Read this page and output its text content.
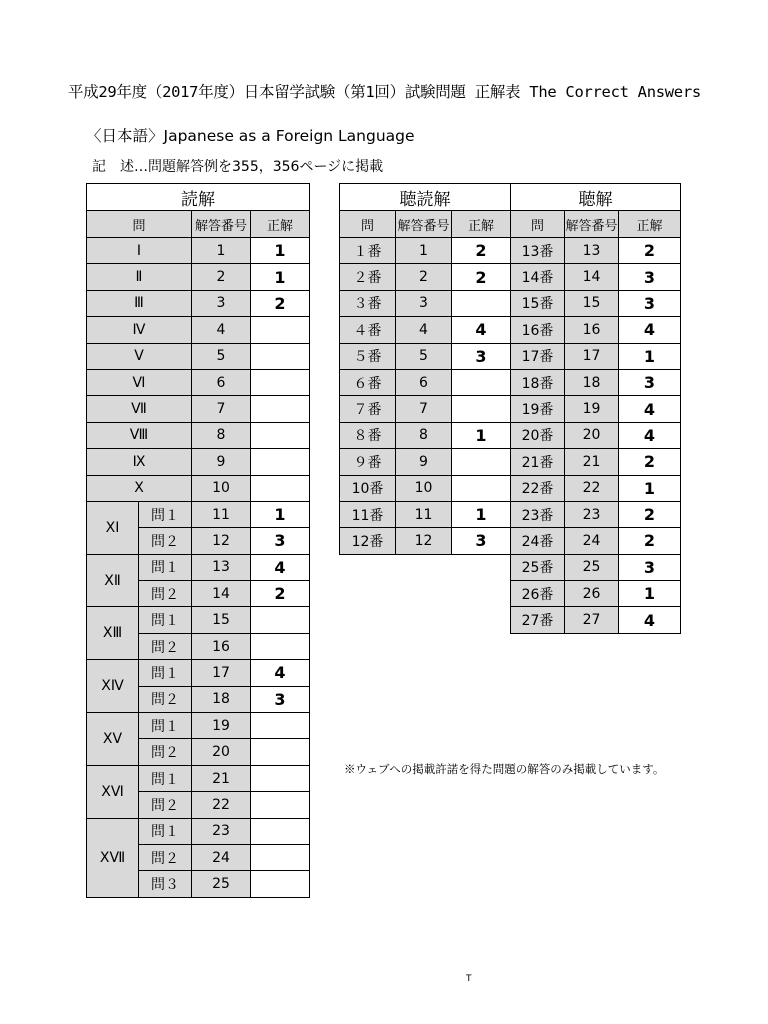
平成29年度（2017年度）日本留学試験（第1回）試験問題 正解表 The Correct Answers
〈日本語〉Japanese as a Foreign Language
記　述…問題解答例を355，356ページに掲載
読解			
問		解答番号	正解
Ⅰ		1	1
Ⅱ		2	1
Ⅲ		3	2
Ⅳ		4	
Ⅴ		5	
Ⅵ		6	
Ⅶ		7	
Ⅷ		8	
Ⅸ		9	
Ⅹ		10	
ⅩⅠ	問１	11	1
	問２	12	3
ⅩⅡ	問１	13	4
	問２	14	2
ⅩⅢ	問１	15	
	問２	16	
ⅩⅣ	問１	17	4
	問２	18	3
ⅩⅤ	問１	19	
	問２	20	
ⅩⅥ	問１	21	
	問２	22	
ⅩⅦ	問１	23	
	問２	24	
	問３	25	
聴読解			聴解		
問	解答番号	正解	問	解答番号	正解
１番	1	2	13番	13	2
２番	2	2	14番	14	3
３番	3		15番	15	3
４番	4	4	16番	16	4
５番	5	3	17番	17	1
６番	6		18番	18	3
７番	7		19番	19	4
８番	8	1	20番	20	4
９番	9		21番	21	2
10番	10		22番	22	1
11番	11	1	23番	23	2
12番	12	3	24番	24	2
			25番	25	3
			26番	26	1
			27番	27	4
※ウェブへの掲載許諾を得た問題の解答のみ掲載しています。
T
